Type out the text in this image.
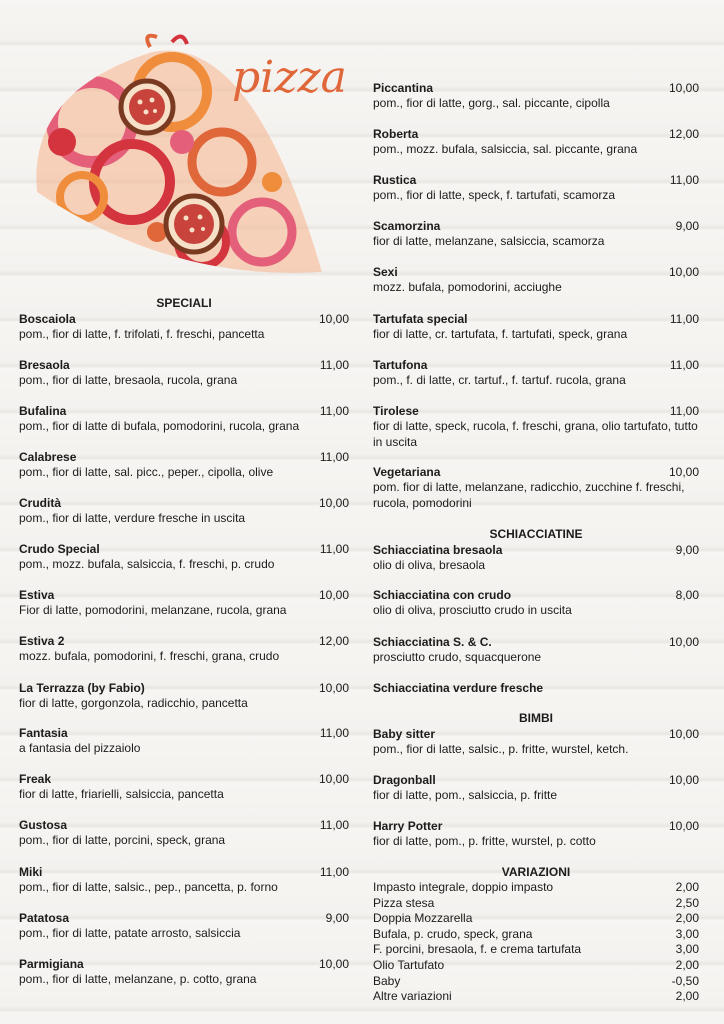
pizza
SPECIALI
Boscaiola	10,00
pom., fior di latte, f. trifolati, f. freschi, pancetta
Bresaola	11,00
pom., fior di latte, bresaola, rucola, grana
Bufalina	11,00
pom., fior di latte di bufala, pomodorini, rucola, grana
Calabrese	11,00
pom., fior di latte, sal. picc., peper., cipolla, olive
Crudità	10,00
pom., fior di latte, verdure fresche in uscita
Crudo Special	11,00
pom., mozz. bufala, salsiccia, f. freschi, p. crudo
Estiva	10,00
Fior di latte, pomodorini, melanzane, rucola, grana
Estiva 2	12,00
mozz. bufala, pomodorini, f. freschi, grana, crudo
La Terrazza (by Fabio)	10,00
fior di latte, gorgonzola, radicchio, pancetta
Fantasia	11,00
a fantasia del pizzaiolo
Freak	10,00
fior di latte, friarielli, salsiccia, pancetta
Gustosa	11,00
pom., fior di latte, porcini, speck, grana
Miki	11,00
pom., fior di latte, salsic., pep., pancetta, p. forno
Patatosa	9,00
pom., fior di latte, patate arrosto, salsiccia
Parmigiana	10,00
pom., fior di latte, melanzane, p. cotto, grana
Piccantina	10,00
pom., fior di latte, gorg., sal. piccante, cipolla
Roberta	12,00
pom., mozz. bufala, salsiccia, sal. piccante, grana
Rustica	11,00
pom., fior di latte, speck, f. tartufati, scamorza
Scamorzina	9,00
fior di latte, melanzane, salsiccia, scamorza
Sexi	10,00
mozz. bufala, pomodorini, acciughe
Tartufata special	11,00
fior di latte, cr. tartufata, f. tartufati, speck, grana
Tartufona	11,00
pom., f. di latte, cr. tartuf., f. tartuf. rucola, grana
Tirolese	11,00
fior di latte, speck, rucola, f. freschi, grana, olio tartufato, tutto in uscita
Vegetariana	10,00
pom. fior di latte, melanzane, radicchio, zucchine f. freschi, rucola, pomodorini
SCHIACCIATINE
Schiacciatina bresaola	9,00
olio di oliva, bresaola
Schiacciatina con crudo	8,00
olio di oliva, prosciutto crudo in uscita
Schiacciatina S. & C.	10,00
prosciutto crudo, squacquerone
Schiacciatina verdure fresche
BIMBI
Baby sitter	10,00
pom., fior di latte, salsic., p. fritte, wurstel, ketch.
Dragonball	10,00
fior di latte, pom., salsiccia, p. fritte
Harry Potter	10,00
fior di latte, pom., p. fritte, wurstel, p. cotto
VARIAZIONI
Impasto integrale, doppio impasto	2,00
Pizza stesa	2,50
Doppia Mozzarella	2,00
Bufala, p. crudo, speck, grana	3,00
F. porcini, bresaola, f. e crema tartufata	3,00
Olio Tartufato	2,00
Baby	-0,50
Altre variazioni	2,00
